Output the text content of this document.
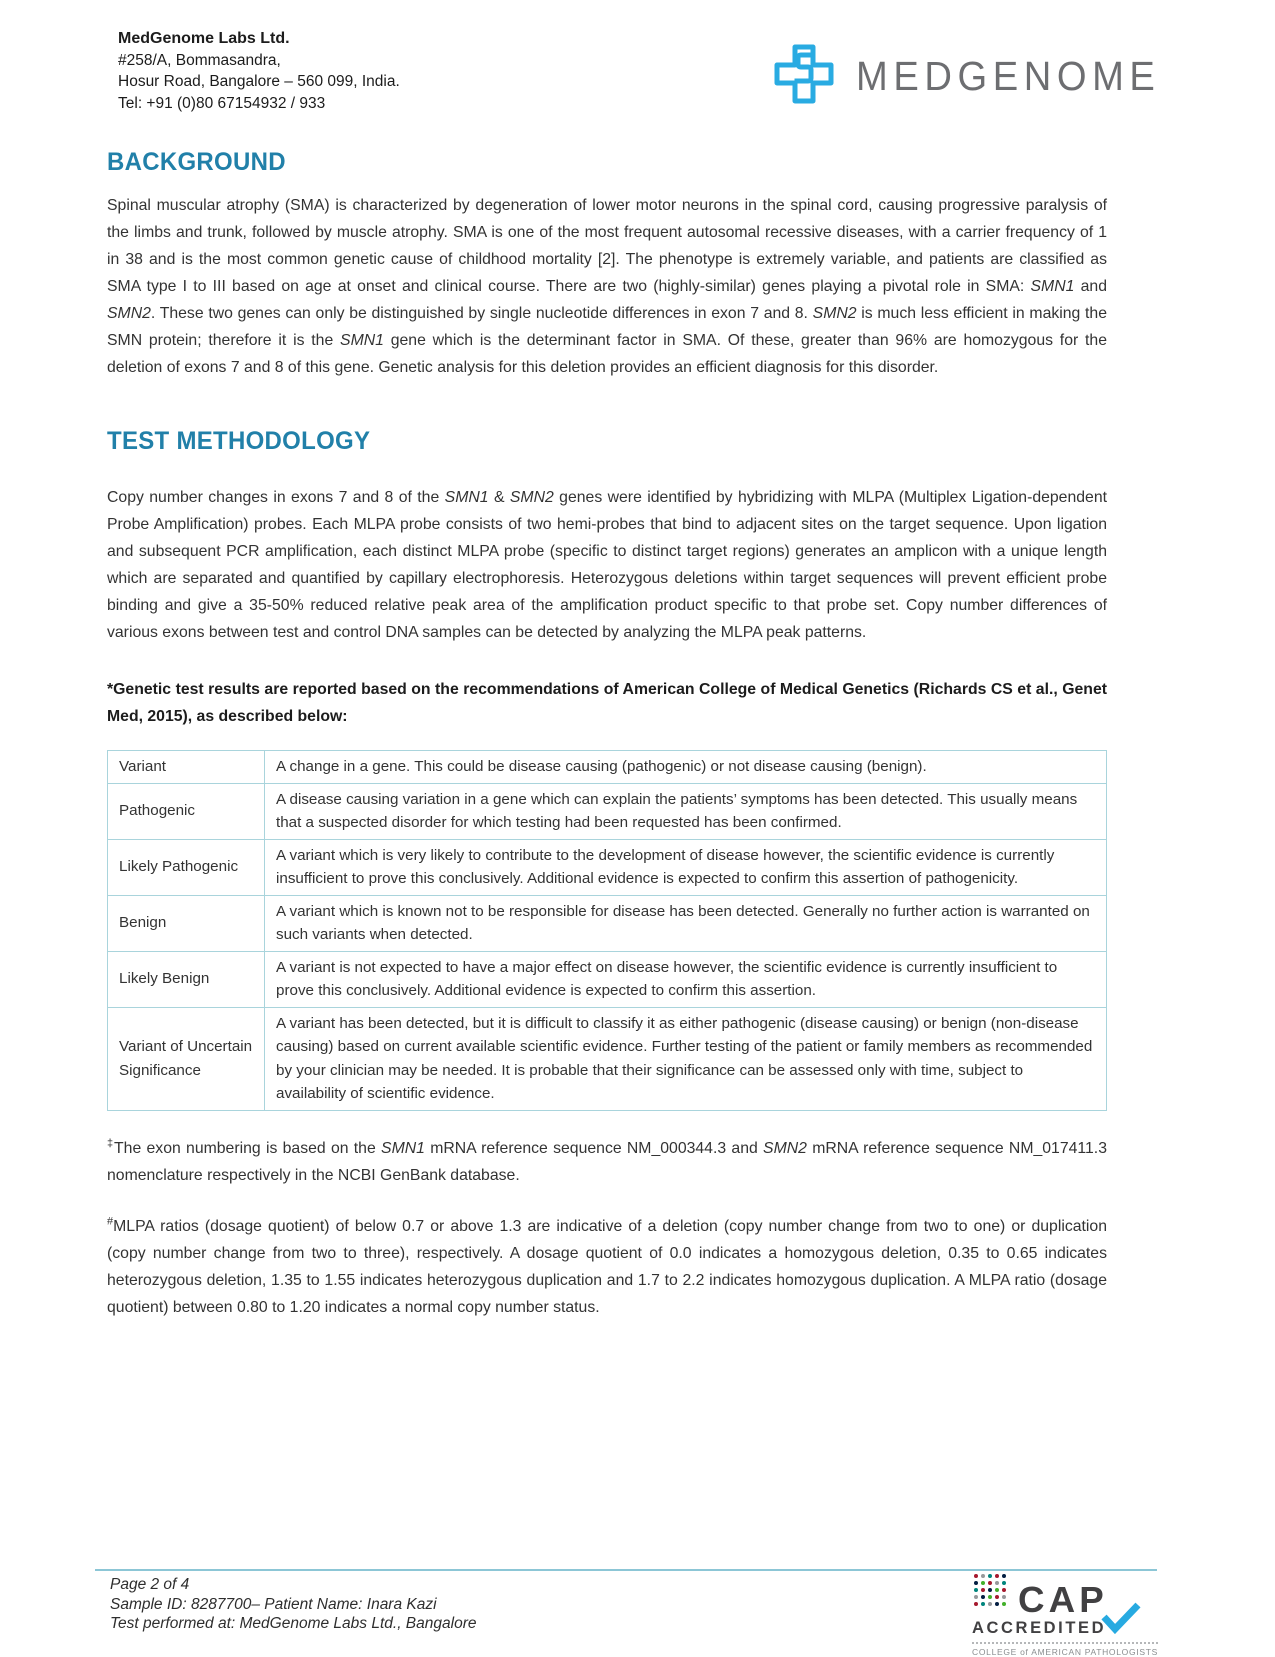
MedGenome Labs Ltd.
#258/A, Bommasandra,
Hosur Road, Bangalore – 560 099, India.
Tel: +91 (0)80 67154932 / 933
MEDGENOME
BACKGROUND

Spinal muscular atrophy (SMA) is characterized by degeneration of lower motor neurons in the spinal cord, causing progressive paralysis of the limbs and trunk, followed by muscle atrophy. SMA is one of the most frequent autosomal recessive diseases, with a carrier frequency of 1 in 38 and is the most common genetic cause of childhood mortality [2]. The phenotype is extremely variable, and patients are classified as SMA type I to III based on age at onset and clinical course. There are two (highly-similar) genes playing a pivotal role in SMA: SMN1 and SMN2. These two genes can only be distinguished by single nucleotide differences in exon 7 and 8. SMN2 is much less efficient in making the SMN protein; therefore it is the SMN1 gene which is the determinant factor in SMA. Of these, greater than 96% are homozygous for the deletion of exons 7 and 8 of this gene. Genetic analysis for this deletion provides an efficient diagnosis for this disorder.

TEST METHODOLOGY

Copy number changes in exons 7 and 8 of the SMN1 & SMN2 genes were identified by hybridizing with MLPA (Multiplex Ligation-dependent Probe Amplification) probes. Each MLPA probe consists of two hemi-probes that bind to adjacent sites on the target sequence. Upon ligation and subsequent PCR amplification, each distinct MLPA probe (specific to distinct target regions) generates an amplicon with a unique length which are separated and quantified by capillary electrophoresis. Heterozygous deletions within target sequences will prevent efficient probe binding and give a 35-50% reduced relative peak area of the amplification product specific to that probe set. Copy number differences of various exons between test and control DNA samples can be detected by analyzing the MLPA peak patterns.

*Genetic test results are reported based on the recommendations of American College of Medical Genetics (Richards CS et al., Genet Med, 2015), as described below:

Variant	A change in a gene. This could be disease causing (pathogenic) or not disease causing (benign).
Pathogenic	A disease causing variation in a gene which can explain the patients’ symptoms has been detected. This usually means that a suspected disorder for which testing had been requested has been confirmed.
Likely Pathogenic	A variant which is very likely to contribute to the development of disease however, the scientific evidence is currently insufficient to prove this conclusively. Additional evidence is expected to confirm this assertion of pathogenicity.
Benign	A variant which is known not to be responsible for disease has been detected. Generally no further action is warranted on such variants when detected.
Likely Benign	A variant is not expected to have a major effect on disease however, the scientific evidence is currently insufficient to prove this conclusively. Additional evidence is expected to confirm this assertion.
Variant of Uncertain Significance	A variant has been detected, but it is difficult to classify it as either pathogenic (disease causing) or benign (non-disease causing) based on current available scientific evidence. Further testing of the patient or family members as recommended by your clinician may be needed. It is probable that their significance can be assessed only with time, subject to availability of scientific evidence.

‡The exon numbering is based on the SMN1 mRNA reference sequence NM_000344.3 and SMN2 mRNA reference sequence NM_017411.3 nomenclature respectively in the NCBI GenBank database.

#MLPA ratios (dosage quotient) of below 0.7 or above 1.3 are indicative of a deletion (copy number change from two to one) or duplication (copy number change from two to three), respectively. A dosage quotient of 0.0 indicates a homozygous deletion, 0.35 to 0.65 indicates heterozygous deletion, 1.35 to 1.55 indicates heterozygous duplication and 1.7 to 2.2 indicates homozygous duplication. A MLPA ratio (dosage quotient) between 0.80 to 1.20 indicates a normal copy number status.

Page 2 of 4
Sample ID: 8287700– Patient Name: Inara Kazi
Test performed at: MedGenome Labs Ltd., Bangalore
CAP
ACCREDITED
COLLEGE of AMERICAN PATHOLOGISTS
